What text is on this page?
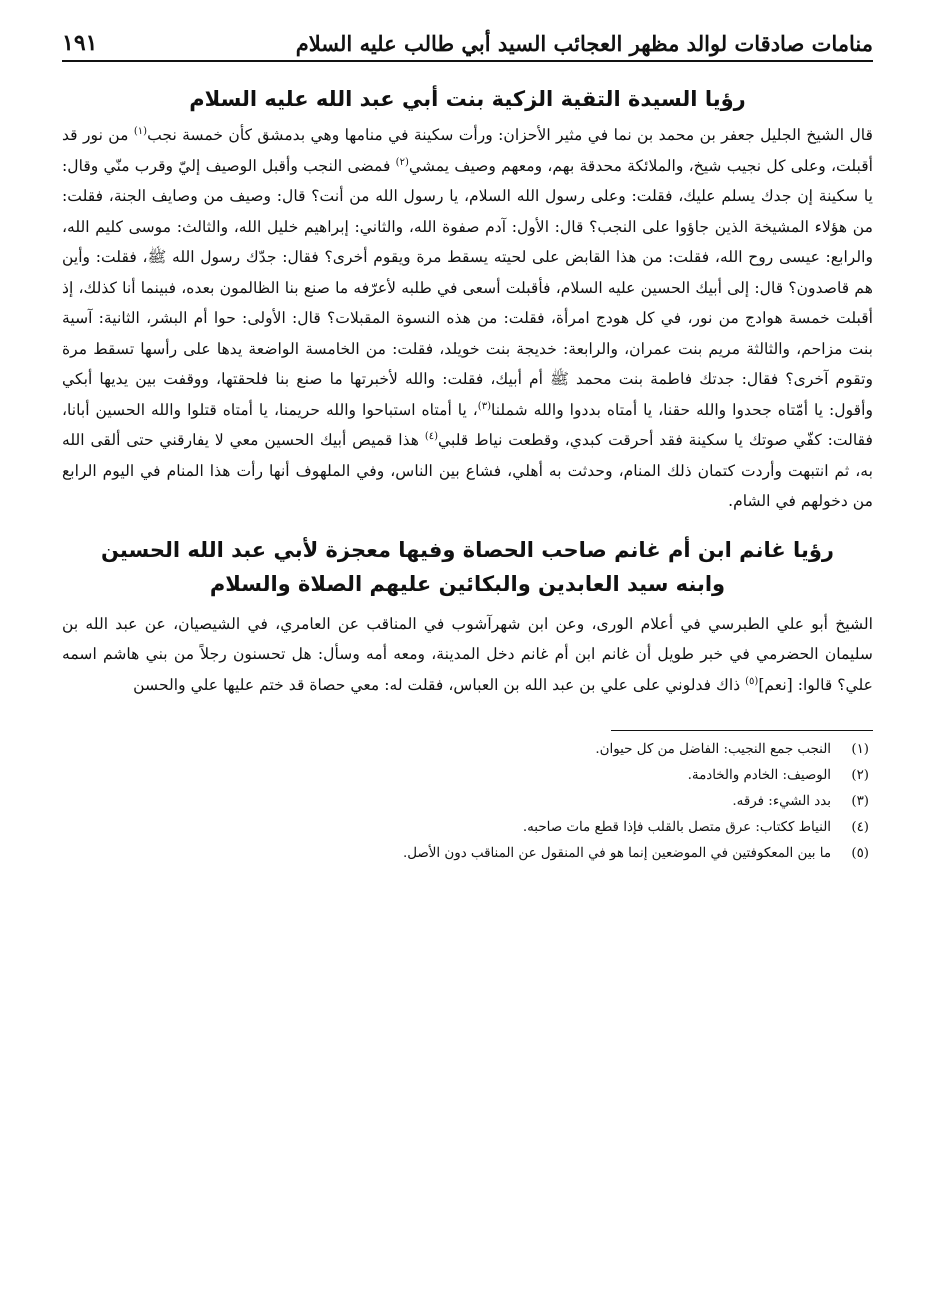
منامات صادقات لوالد مظهر العجائب السيد أبي طالب عليه السلام
١٩١
رؤيا السيدة التقية الزكية بنت أبي عبد الله عليه السلام

قال الشيخ الجليل جعفر بن محمد بن نما في مثير الأحزان: ورأت سكينة في منامها وهي بدمشق كأن خمسة نجب$^{(١)}$ من نور قد أقبلت، وعلى كل نجيب شيخ، والملائكة محدقة بهم، ومعهم وصيف يمشي$^{(٢)}$ فمضى النجب وأقبل الوصيف إليّ وقرب منّي وقال: يا سكينة إن جدك يسلم عليك، فقلت: وعلى رسول الله السلام، يا رسول الله من أنت؟ قال: وصيف من وصايف الجنة، فقلت: من هؤلاء المشيخة الذين جاؤوا على النجب؟ قال: الأول: آدم صفوة الله، والثاني: إبراهيم خليل الله، والثالث: موسى كليم الله، والرابع: عيسى روح الله، فقلت: من هذا القابض على لحيته يسقط مرة ويقوم أخرى؟ فقال: جدّك رسول الله ﷺ، فقلت: وأين هم قاصدون؟ قال: إلى أبيك الحسين عليه السلام، فأقبلت أسعى في طلبه لأعرّفه ما صنع بنا الظالمون بعده، فبينما أنا كذلك، إذ أقبلت خمسة هوادج من نور، في كل هودج امرأة، فقلت: من هذه النسوة المقبلات؟ قال: الأولى: حوا أم البشر، الثانية: آسية بنت مزاحم، والثالثة مريم بنت عمران، والرابعة: خديجة بنت خويلد، فقلت: من الخامسة الواضعة يدها على رأسها تسقط مرة وتقوم آخرى؟ فقال: جدتك فاطمة بنت محمد ﷺ أم أبيك، فقلت: والله لأخبرتها ما صنع بنا فلحقتها، ووقفت بين يديها أبكي وأقول: يا أمّتاه جحدوا والله حقنا، يا أمتاه بددوا والله شملنا$^{(٣)}$، يا أمتاه استباحوا والله حريمنا، يا أمتاه قتلوا والله الحسين أبانا، فقالت: كفّي صوتك يا سكينة فقد أحرقت كبدي، وقطعت نياط قلبي$^{(٤)}$ هذا قميص أبيك الحسين معي لا يفارقني حتى ألقى الله به، ثم انتبهت وأردت كتمان ذلك المنام، وحدثت به أهلي، فشاع بين الناس، وفي الملهوف أنها رأت هذا المنام في اليوم الرابع من دخولهم في الشام.

رؤيا غانم ابن أم غانم صاحب الحصاة وفيها معجزة لأبي عبد الله الحسين
وابنه سيد العابدين والبكائين عليهم الصلاة والسلام

الشيخ أبو علي الطبرسي في أعلام الورى، وعن ابن شهرآشوب في المناقب عن العامري، في الشيصيان، عن عبد الله بن سليمان الحضرمي في خبر طويل أن غانم ابن أم غانم دخل المدينة، ومعه أمه وسأل: هل تحسنون رجلاً من بني هاشم اسمه علي؟ قالوا: [نعم]$^{(٥)}$ ذاك فدلوني على علي بن عبد الله بن العباس، فقلت له: معي حصاة قد ختم عليها علي والحسن

(١)
النجب جمع النجيب: الفاضل من كل حيوان.
(٢)
الوصيف: الخادم والخادمة.
(٣)
بدد الشيء: فرقه.
(٤)
النياط ككتاب: عرق متصل بالقلب فإذا قطع مات صاحبه.
(٥)
ما بين المعكوفتين في الموضعين إنما هو في المنقول عن المناقب دون الأصل.
